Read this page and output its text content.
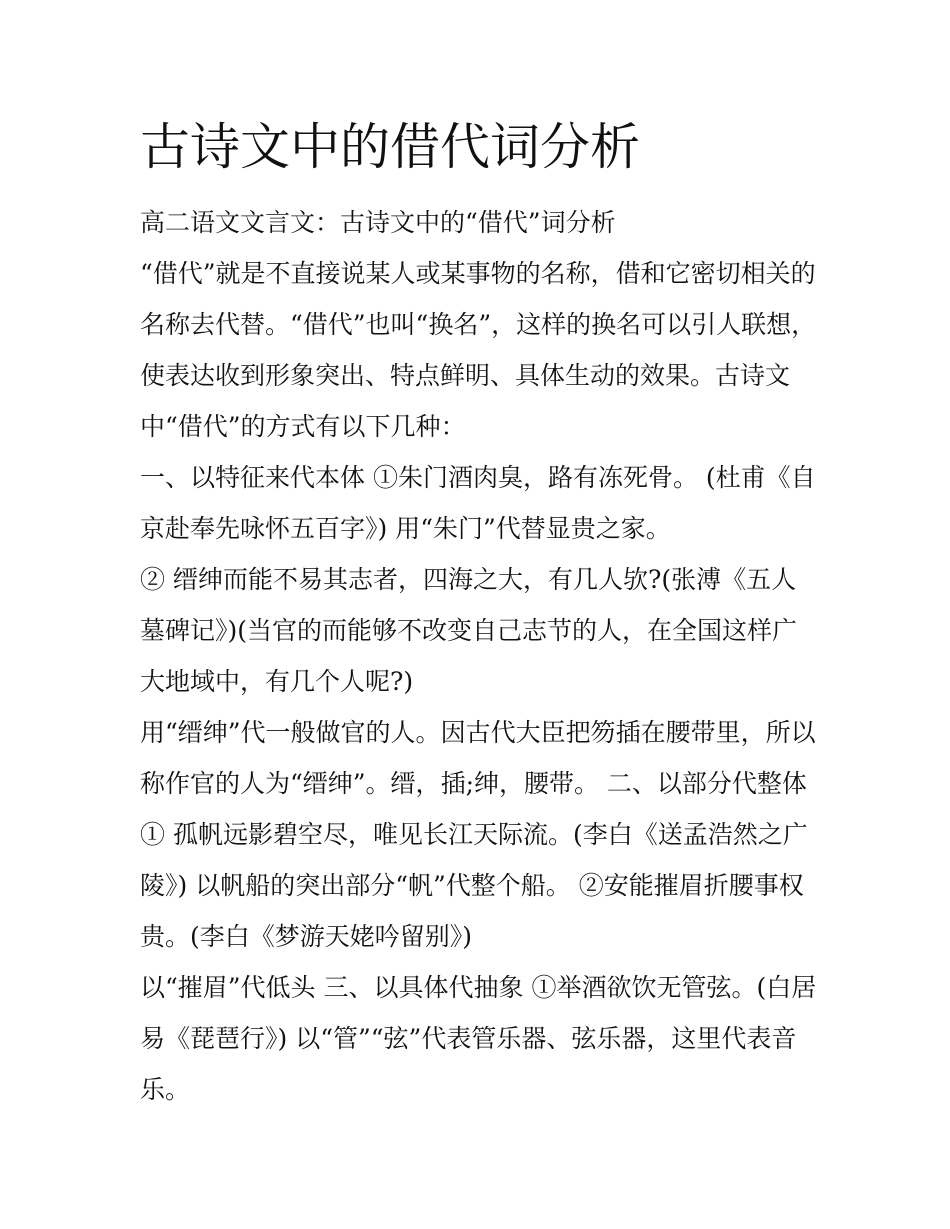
古诗文中的借代词分析
高二语文文言文：古诗文中的“借代”词分析
“借代”就是不直接说某人或某事物的名称，借和它密切相关的
名称去代替。“借代”也叫“换名”，这样的换名可以引人联想，
使表达收到形象突出、特点鲜明、具体生动的效果。古诗文
中“借代”的方式有以下几种：
一、以特征来代本体 ①朱门酒肉臭，路有冻死骨。 (杜甫《自
京赴奉先咏怀五百字》) 用“朱门”代替显贵之家。
② 缙绅而能不易其志者，四海之大，有几人欤?(张溥《五人
墓碑记》)(当官的而能够不改变自己志节的人，在全国这样广
大地域中，有几个人呢?)
用“缙绅”代一般做官的人。因古代大臣把笏插在腰带里，所以
称作官的人为“缙绅”。缙，插;绅，腰带。 二、以部分代整体
① 孤帆远影碧空尽，唯见长江天际流。(李白《送孟浩然之广
陵》) 以帆船的突出部分“帆”代整个船。 ②安能摧眉折腰事权
贵。(李白《梦游天姥吟留别》)
以“摧眉”代低头 三、以具体代抽象 ①举酒欲饮无管弦。(白居
易《琵琶行》) 以“管”“弦”代表管乐器、弦乐器，这里代表音
乐。
